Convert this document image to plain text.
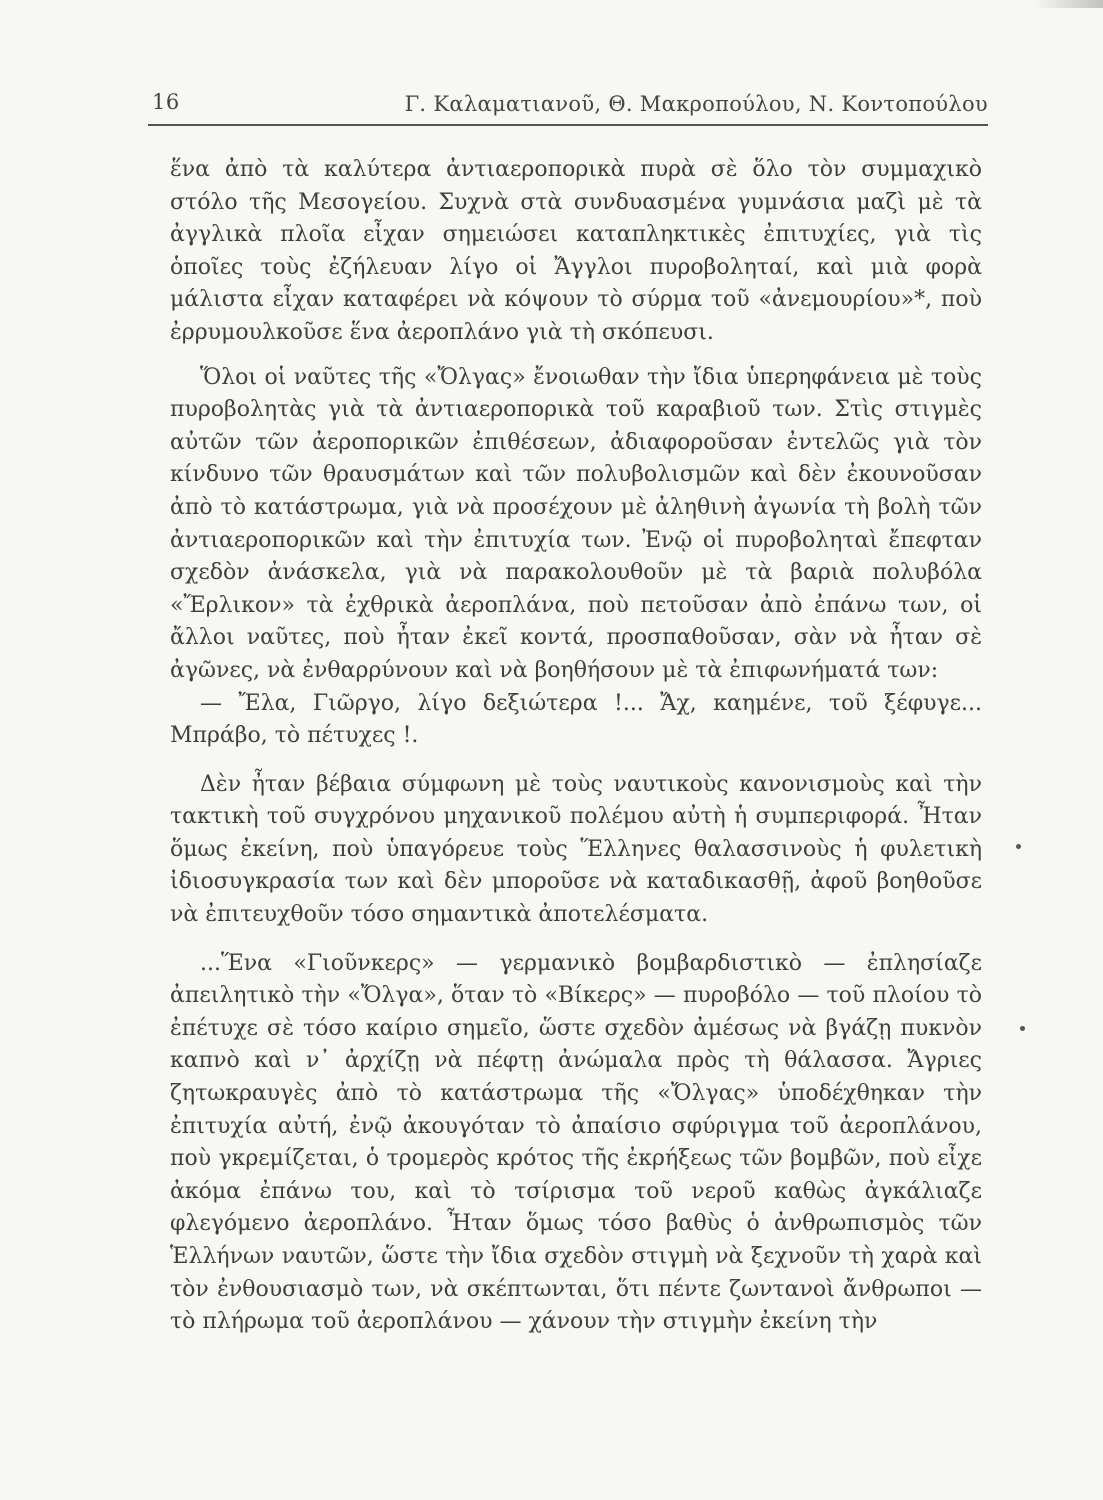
16	Γ. Καλαματιανοῦ, Θ. Μακροπούλου, Ν. Κοντοπούλου

ἕνα ἀπὸ τὰ καλύτερα ἀντιαεροπορικὰ πυρὰ σὲ ὅλο τὸν συμμαχικὸ στόλο τῆς Μεσογείου. Συχνὰ στὰ συνδυασμένα γυμνάσια μαζὶ μὲ τὰ ἀγγλικὰ πλοῖα εἶχαν σημειώσει καταπληκτικὲς ἐπιτυχίες, γιὰ τὶς ὁποῖες τοὺς ἐζήλευαν λίγο οἱ Ἄγγλοι πυροβοληταί, καὶ μιὰ φορὰ μάλιστα εἶχαν καταφέρει νὰ κόψουν τὸ σύρμα τοῦ «ἀνεμουρίου»*, ποὺ ἐρρυμουλκοῦσε ἕνα ἀεροπλάνο γιὰ τὴ σκόπευσι.

Ὅλοι οἱ ναῦτες τῆς «Ὄλγας» ἔνοιωθαν τὴν ἴδια ὑπερηφάνεια μὲ τοὺς πυροβολητὰς γιὰ τὰ ἀντιαεροπορικὰ τοῦ καραβιοῦ των. Στὶς στιγμὲς αὐτῶν τῶν ἀεροπορικῶν ἐπιθέσεων, ἀδιαφοροῦσαν ἐντελῶς γιὰ τὸν κίνδυνο τῶν θραυσμάτων καὶ τῶν πολυβολισμῶν καὶ δὲν ἐκουνοῦσαν ἀπὸ τὸ κατάστρωμα, γιὰ νὰ προσέχουν μὲ ἀληθινὴ ἀγωνία τὴ βολὴ τῶν ἀντιαεροπορικῶν καὶ τὴν ἐπιτυχία των. Ἐνῷ οἱ πυροβοληταὶ ἔπεφταν σχεδὸν ἀνάσκελα, γιὰ νὰ παρακολουθοῦν μὲ τὰ βαριὰ πολυβόλα «Ἔρλικον» τὰ ἐχθρικὰ ἀεροπλάνα, ποὺ πετοῦσαν ἀπὸ ἐπάνω των, οἱ ἄλλοι ναῦτες, ποὺ ἦταν ἐκεῖ κοντά, προσπαθοῦσαν, σὰν νὰ ἦταν σὲ ἀγῶνες, νὰ ἐνθαρρύνουν καὶ νὰ βοηθήσουν μὲ τὰ ἐπιφωνήματά των:

— Ἔλα, Γιῶργο, λίγο δεξιώτερα !... Ἄχ, καημένε, τοῦ ξέφυγε... Μπράβο, τὸ πέτυχες !.

Δὲν ἦταν βέβαια σύμφωνη μὲ τοὺς ναυτικοὺς κανονισμοὺς καὶ τὴν τακτικὴ τοῦ συγχρόνου μηχανικοῦ πολέμου αὐτὴ ἡ συμπεριφορά. Ἦταν ὅμως ἐκείνη, ποὺ ὑπαγόρευε τοὺς Ἕλληνες θαλασσινοὺς ἡ φυλετικὴ ἰδιοσυγκρασία των καὶ δὲν μποροῦσε νὰ καταδικασθῇ, ἀφοῦ βοηθοῦσε νὰ ἐπιτευχθοῦν τόσο σημαντικὰ ἀποτελέσματα.

...Ἕνα «Γιοῦνκερς» — γερμανικὸ βομβαρδιστικὸ — ἐπλησίαζε ἀπειλητικὸ τὴν «Ὄλγα», ὅταν τὸ «Βίκερς» — πυροβόλο — τοῦ πλοίου τὸ ἐπέτυχε σὲ τόσο καίριο σημεῖο, ὥστε σχεδὸν ἀμέσως νὰ βγάζῃ πυκνὸν καπνὸ καὶ ν᾽ ἀρχίζῃ νὰ πέφτῃ ἀνώμαλα πρὸς τὴ θάλασσα. Ἄγριες ζητωκραυγὲς ἀπὸ τὸ κατάστρωμα τῆς «Ὄλγας» ὑποδέχθηκαν τὴν ἐπιτυχία αὐτή, ἐνῷ ἀκουγόταν τὸ ἀπαίσιο σφύριγμα τοῦ ἀεροπλάνου, ποὺ γκρεμίζεται, ὁ τρομερὸς κρότος τῆς ἐκρήξεως τῶν βομβῶν, ποὺ εἶχε ἀκόμα ἐπάνω του, καὶ τὸ τσίρισμα τοῦ νεροῦ καθὼς ἀγκάλιαζε φλεγόμενο ἀεροπλάνο. Ἦταν ὅμως τόσο βαθὺς ὁ ἀνθρωπισμὸς τῶν Ἑλλήνων ναυτῶν, ὥστε τὴν ἴδια σχεδὸν στιγμὴ νὰ ξεχνοῦν τὴ χαρὰ καὶ τὸν ἐνθουσιασμὸ των, νὰ σκέπτωνται, ὅτι πέντε ζωντανοὶ ἄνθρωποι — τὸ πλήρωμα τοῦ ἀεροπλάνου — χάνουν τὴν στιγμὴν ἐκείνη τὴν
